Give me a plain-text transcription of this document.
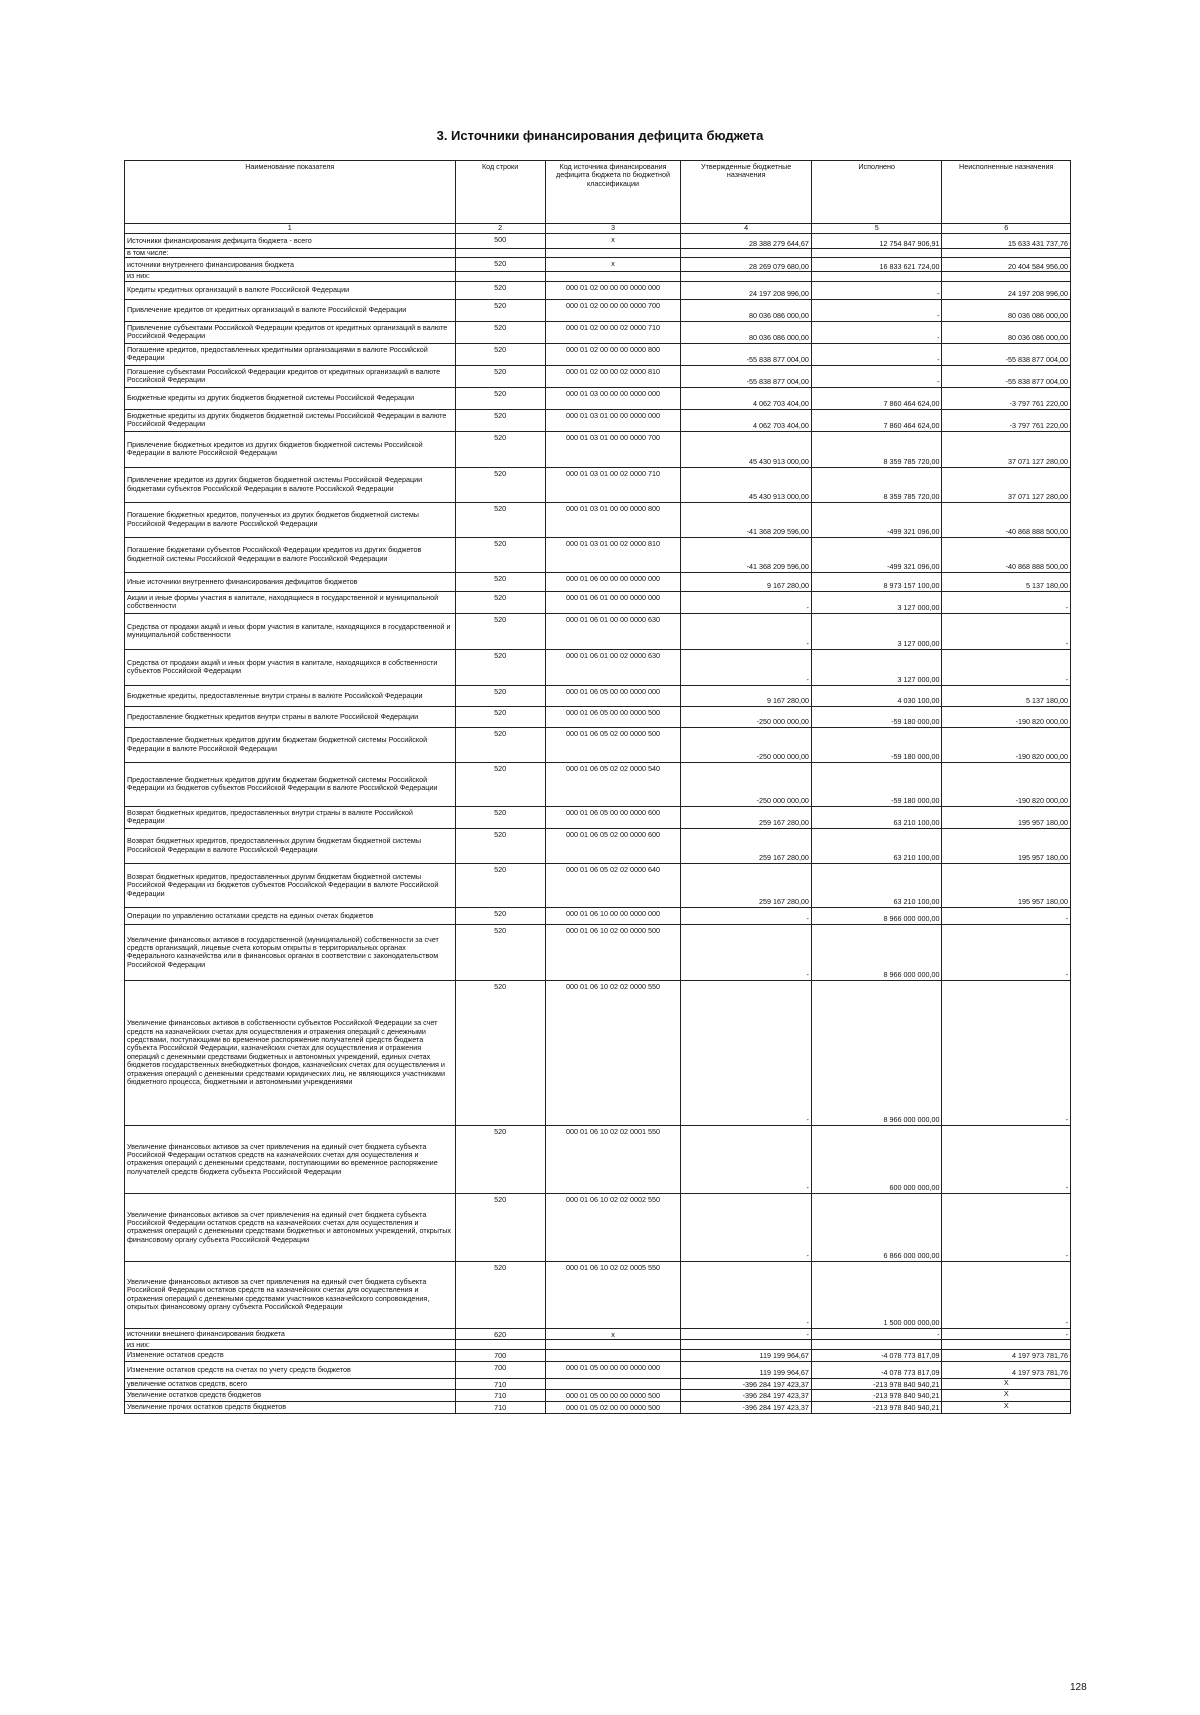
3. Источники финансирования дефицита бюджета
Наименование показателя	Код строки	Код источника финансирования дефицита бюджета по бюджетной классификации	Утвержденные бюджетные назначения	Исполнено	Неисполненные назначения
1	2	3	4	5	6
Источники финансирования дефицита бюджета - всего	500	x	28 388 279 644,67	12 754 847 906,91	15 633 431 737,76
в том числе:					
источники внутреннего финансирования бюджета	520	x	28 269 079 680,00	16 833 621 724,00	20 404 584 956,00
из них:					
Кредиты кредитных организаций в валюте Российской Федерации	520	000 01 02 00 00 00 0000 000	24 197 208 996,00	-	24 197 208 996,00
Привлечение кредитов от кредитных организаций в валюте Российской Федерации	520	000 01 02 00 00 00 0000 700	80 036 086 000,00	-	80 036 086 000,00
Привлечение субъектами Российской Федерации кредитов от кредитных организаций в валюте Российской Федерации	520	000 01 02 00 00 02 0000 710	80 036 086 000,00	-	80 036 086 000,00
Погашение кредитов, предоставленных кредитными организациями в валюте Российской Федерации	520	000 01 02 00 00 00 0000 800	-55 838 877 004,00	-	-55 838 877 004,00
Погашение субъектами Российской Федерации кредитов от кредитных организаций в валюте Российской Федерации	520	000 01 02 00 00 02 0000 810	-55 838 877 004,00	-	-55 838 877 004,00
Бюджетные кредиты из других бюджетов бюджетной системы Российской Федерации	520	000 01 03 00 00 00 0000 000	4 062 703 404,00	7 860 464 624,00	-3 797 761 220,00
Бюджетные кредиты из других бюджетов бюджетной системы Российской Федерации в валюте Российской Федерации	520	000 01 03 01 00 00 0000 000	4 062 703 404,00	7 860 464 624,00	-3 797 761 220,00
Привлечение бюджетных кредитов из других бюджетов бюджетной системы Российской Федерации в валюте Российской Федерации	520	000 01 03 01 00 00 0000 700	45 430 913 000,00	8 359 785 720,00	37 071 127 280,00
Привлечение кредитов из других бюджетов бюджетной системы Российской Федерации бюджетами субъектов Российской Федерации в валюте Российской Федерации	520	000 01 03 01 00 02 0000 710	45 430 913 000,00	8 359 785 720,00	37 071 127 280,00
Погашение бюджетных кредитов, полученных из других бюджетов бюджетной системы Российской Федерации в валюте Российской Федерации	520	000 01 03 01 00 00 0000 800	-41 368 209 596,00	-499 321 096,00	-40 868 888 500,00
Погашение бюджетами субъектов Российской Федерации кредитов из других бюджетов бюджетной системы Российской Федерации в валюте Российской Федерации	520	000 01 03 01 00 02 0000 810	-41 368 209 596,00	-499 321 096,00	-40 868 888 500,00
Иные источники внутреннего финансирования дефицитов бюджетов	520	000 01 06 00 00 00 0000 000	9 167 280,00	8 973 157 100,00	5 137 180,00
Акции и иные формы участия в капитале, находящиеся в государственной и муниципальной собственности	520	000 01 06 01 00 00 0000 000	-	3 127 000,00	-
Средства от продажи акций и иных форм участия в капитале, находящихся в государственной и муниципальной собственности	520	000 01 06 01 00 00 0000 630	-	3 127 000,00	-
Средства от продажи акций и иных форм участия в капитале, находящихся в собственности субъектов Российской Федерации	520	000 01 06 01 00 02 0000 630	-	3 127 000,00	-
Бюджетные кредиты, предоставленные внутри страны в валюте Российской Федерации	520	000 01 06 05 00 00 0000 000	9 167 280,00	4 030 100,00	5 137 180,00
Предоставление бюджетных кредитов внутри страны в валюте Российской Федерации	520	000 01 06 05 00 00 0000 500	-250 000 000,00	-59 180 000,00	-190 820 000,00
Предоставление бюджетных кредитов другим бюджетам бюджетной системы Российской Федерации в валюте Российской Федерации	520	000 01 06 05 02 00 0000 500	-250 000 000,00	-59 180 000,00	-190 820 000,00
Предоставление бюджетных кредитов другим бюджетам бюджетной системы Российской Федерации из бюджетов субъектов Российской Федерации в валюте Российской Федерации	520	000 01 06 05 02 02 0000 540	-250 000 000,00	-59 180 000,00	-190 820 000,00
Возврат бюджетных кредитов, предоставленных внутри страны в валюте Российской Федерации	520	000 01 06 05 00 00 0000 600	259 167 280,00	63 210 100,00	195 957 180,00
Возврат бюджетных кредитов, предоставленных другим бюджетам бюджетной системы Российской Федерации в валюте Российской Федерации	520	000 01 06 05 02 00 0000 600	259 167 280,00	63 210 100,00	195 957 180,00
Возврат бюджетных кредитов, предоставленных другим бюджетам бюджетной системы Российской Федерации из бюджетов субъектов Российской Федерации в валюте Российской Федерации	520	000 01 06 05 02 02 0000 640	259 167 280,00	63 210 100,00	195 957 180,00
Операции по управлению остатками средств на единых счетах бюджетов	520	000 01 06 10 00 00 0000 000	-	8 966 000 000,00	-
Увеличение финансовых активов в государственной (муниципальной) собственности за счет средств организаций, лицевые счета которым открыты в территориальных органах Федерального казначейства или в финансовых органах в соответствии с законодательством Российской Федерации	520	000 01 06 10 02 00 0000 500	-	8 966 000 000,00	-
Увеличение финансовых активов в собственности субъектов Российской Федерации за счет средств на казначейских счетах для осуществления и отражения операций с денежными средствами, поступающими во временное распоряжение получателей средств бюджета субъекта Российской Федерации, казначейских счетах для осуществления и отражения операций с денежными средствами бюджетных и автономных учреждений, единых счетах бюджетов государственных внебюджетных фондов, казначейских счетах для осуществления и отражения операций с денежными средствами юридических лиц, не являющихся участниками бюджетного процесса, бюджетными и автономными учреждениями	520	000 01 06 10 02 02 0000 550	-	8 966 000 000,00	-
Увеличение финансовых активов за счет привлечения на единый счет бюджета субъекта Российской Федерации остатков средств на казначейских счетах для осуществления и отражения операций с денежными средствами, поступающими во временное распоряжение получателей средств бюджета субъекта Российской Федерации	520	000 01 06 10 02 02 0001 550	-	600 000 000,00	-
Увеличение финансовых активов за счет привлечения на единый счет бюджета субъекта Российской Федерации остатков средств на казначейских счетах для осуществления и отражения операций с денежными средствами бюджетных и автономных учреждений, открытых финансовому органу субъекта Российской Федерации	520	000 01 06 10 02 02 0002 550	-	6 866 000 000,00	-
Увеличение финансовых активов за счет привлечения на единый счет бюджета субъекта Российской Федерации остатков средств на казначейских счетах для осуществления и отражения операций с денежными средствами участников казначейского сопровождения, открытых финансовому органу субъекта Российской Федерации	520	000 01 06 10 02 02 0005 550	-	1 500 000 000,00	-
источники внешнего финансирования бюджета	620	x	-	-	-
из них:					
Изменение остатков средств	700		119 199 964,67	-4 078 773 817,09	4 197 973 781,76
Изменение остатков средств на счетах по учету средств бюджетов	700	000 01 05 00 00 00 0000 000	119 199 964,67	-4 078 773 817,09	4 197 973 781,76
увеличение остатков средств, всего	710		-396 284 197 423,37	-213 978 840 940,21	X
Увеличение остатков средств бюджетов	710	000 01 05 00 00 00 0000 500	-396 284 197 423,37	-213 978 840 940,21	X
Увеличение прочих остатков средств бюджетов	710	000 01 05 02 00 00 0000 500	-396 284 197 423,37	-213 978 840 940,21	X
128
